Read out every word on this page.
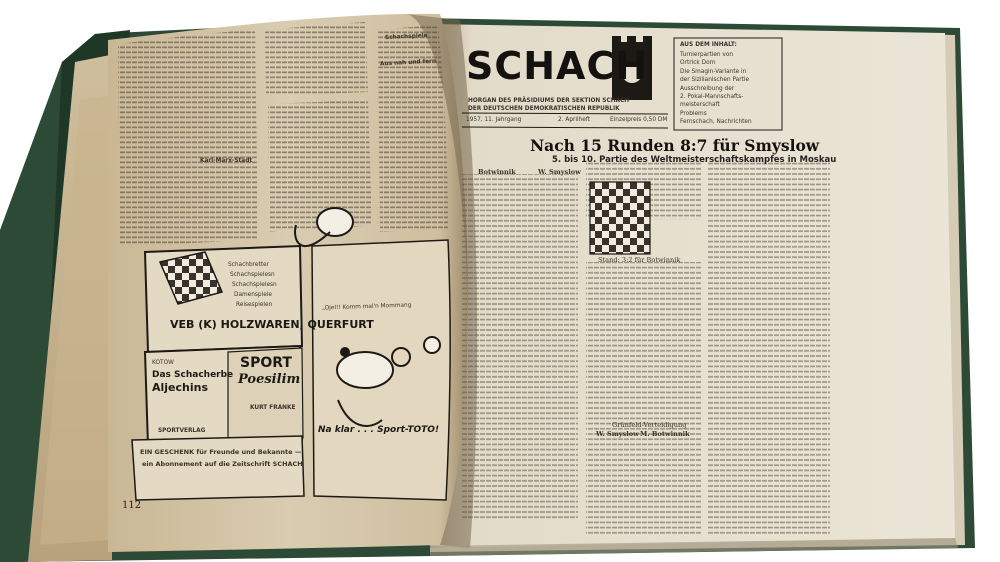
SCHACH
HORGAN DES PRÄSIDIUMS DER SEKTION SCHACH
DER DEUTSCHEN DEMOKRATISCHEN REPUBLIK
1957, 11. Jahrgang	2. Aprilheft	Einzelpreis 0,50 DM
AUS DEM INHALT:
Turnierpartien von
Ortrick Dorn
Die Smagin-Variante in
der Sizilianischen Partie
Ausschreibung der
2. Pokal-Mannschafts-
meisterschaft
Problems
Fernschach, Nachrichten
Nach 15 Runden 8:7 für Smyslow
5. bis 10. Partie des Weltmeisterschaftskampfes in Moskau
Botwinnik	W. Smyslow
Stand: 3:2 für Botwinnik
Grünfeld-Verteidigung
W. Smyslow M. Botwinnik
Schachspiele
Aus nah und fern
Karl-Marx-Stadt
Schachbretter
Schachspielesn
Schachspielesn
Damenspiele
Reisespielen
VEB (K) HOLZWAREN, QUERFURT
KOTOW
Das Schacherbe
Aljechins
SPORTVERLAG
SPORT
Poesilim
KURT FRANKE
„Ojel!! Komm mal'n Mommang
Na klar . . . Sport-TOTO!
EIN GESCHENK für Freunde und Bekannte —
ein Abonnement auf die Zeitschrift SCHACH
112
